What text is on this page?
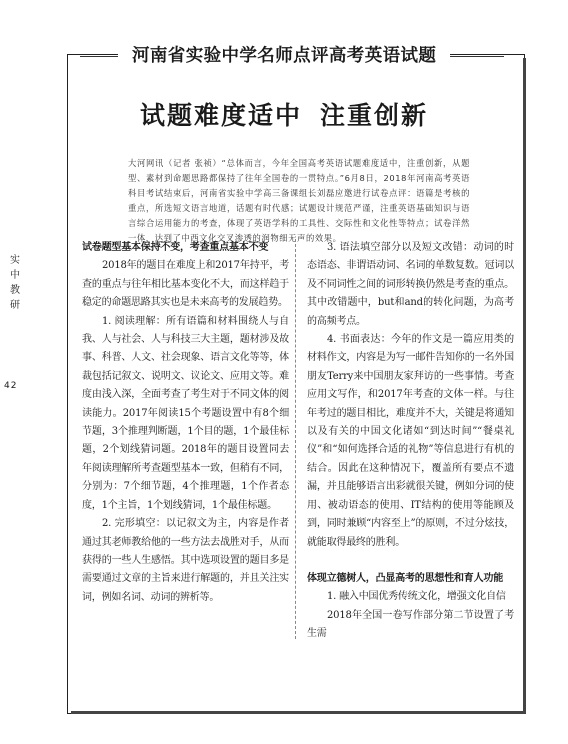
河南省实验中学名师点评高考英语试题
试题难度适中 注重创新
大河网讯（记者 张祯）“总体而言，今年全国高考英语试题难度适中，注重创新，从题型、素材到命题思路都保持了往年全国卷的一贯特点。”6月8日，2018年河南高考英语科目考试结束后，河南省实验中学高三备课组长刘磊应邀进行试卷点评：语篇是考核的重点，所选短文语言地道，话题有时代感；试题设计规范严谨，注重英语基础知识与语言综合运用能力的考查，体现了英语学科的工具性、交际性和文化性等特点；试卷洋然一体，达到了中西文化交叉渗透的润物细无声的效果。
实中教研
42

试卷题型基本保持不变，考查重点基本不变

2018年的题目在难度上和2017年持平，考查的重点与往年相比基本变化不大，而这样趋于稳定的命题思路其实也是未来高考的发展趋势。

1. 阅读理解：所有语篇和材料围绕人与自我、人与社会、人与科技三大主题，题材涉及故事、科普、人文、社会现象、语言文化等等，体裁包括记叙文、说明文、议论文、应用文等。难度由浅入深，全面考查了考生对于不同文体的阅读能力。2017年阅读15个考题设置中有8个细节题，3个推理判断题，1个目的题，1个最佳标题，2个划线猜词题。2018年的题目设置同去年阅读理解所考查题型基本一致，但稍有不同，分别为：7个细节题，4个推理题，1个作者态度，1个主旨，1个划线猜词，1个最佳标题。

2. 完形填空：以记叙文为主，内容是作者通过其老师教给他的一些方法去战胜对手，从而获得的一些人生感悟。其中选项设置的题目多是需要通过文章的主旨来进行解题的，并且关注实词，例如名词、动词的辨析等。

3. 语法填空部分以及短文改错：动词的时态语态、非谓语动词、名词的单数复数。冠词以及不同词性之间的词形转换仍然是考查的重点。其中改错题中，but和and的转化问题，为高考的高频考点。

4. 书面表达：今年的作文是一篇应用类的材料作文，内容是为写一邮件告知你的一名外国朋友Terry来中国朋友家拜访的一些事情。考查应用文写作，和2017年考查的文体一样。与往年考过的题目相比，难度并不大，关键是将通知以及有关的中国文化诸如“到达时间”“餐桌礼仪”和“如何选择合适的礼物”等信息进行有机的结合。因此在这种情况下，覆盖所有要点不遗漏，并且能够语言出彩就很关键，例如分词的使用、被动语态的使用、IT结构的使用等能顾及到，同时兼顾“内容至上”的原则，不过分炫技，就能取得最终的胜利。

体现立德树人，凸显高考的思想性和育人功能

1. 融入中国优秀传统文化，增强文化自信

2018年全国一卷写作部分第二节设置了考生需
